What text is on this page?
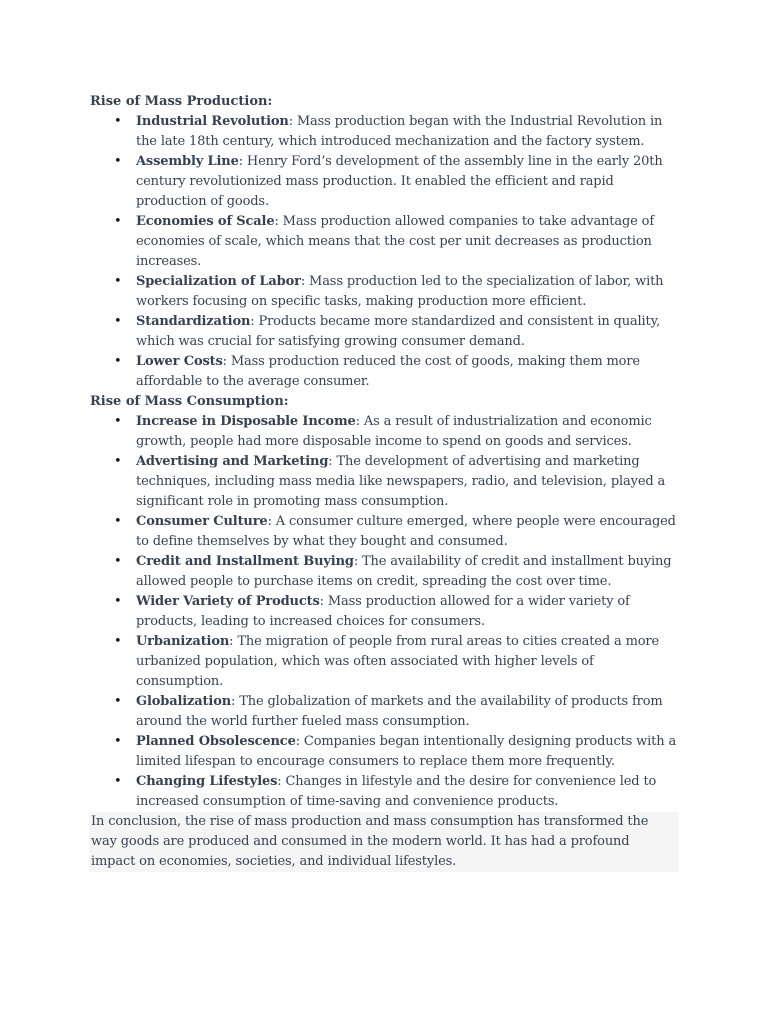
Rise of Mass Production:

• Industrial Revolution: Mass production began with the Industrial Revolution in the late 18th century, which introduced mechanization and the factory system.
• Assembly Line: Henry Ford’s development of the assembly line in the early 20th century revolutionized mass production. It enabled the efficient and rapid production of goods.
• Economies of Scale: Mass production allowed companies to take advantage of economies of scale, which means that the cost per unit decreases as production increases.
• Specialization of Labor: Mass production led to the specialization of labor, with workers focusing on specific tasks, making production more efficient.
• Standardization: Products became more standardized and consistent in quality, which was crucial for satisfying growing consumer demand.
• Lower Costs: Mass production reduced the cost of goods, making them more affordable to the average consumer.

Rise of Mass Consumption:

• Increase in Disposable Income: As a result of industrialization and economic growth, people had more disposable income to spend on goods and services.
• Advertising and Marketing: The development of advertising and marketing techniques, including mass media like newspapers, radio, and television, played a significant role in promoting mass consumption.
• Consumer Culture: A consumer culture emerged, where people were encouraged to define themselves by what they bought and consumed.
• Credit and Installment Buying: The availability of credit and installment buying allowed people to purchase items on credit, spreading the cost over time.
• Wider Variety of Products: Mass production allowed for a wider variety of products, leading to increased choices for consumers.
• Urbanization: The migration of people from rural areas to cities created a more urbanized population, which was often associated with higher levels of consumption.
• Globalization: The globalization of markets and the availability of products from around the world further fueled mass consumption.
• Planned Obsolescence: Companies began intentionally designing products with a limited lifespan to encourage consumers to replace them more frequently.
• Changing Lifestyles: Changes in lifestyle and the desire for convenience led to increased consumption of time-saving and convenience products.

In conclusion, the rise of mass production and mass consumption has transformed the way goods are produced and consumed in the modern world. It has had a profound impact on economies, societies, and individual lifestyles.
